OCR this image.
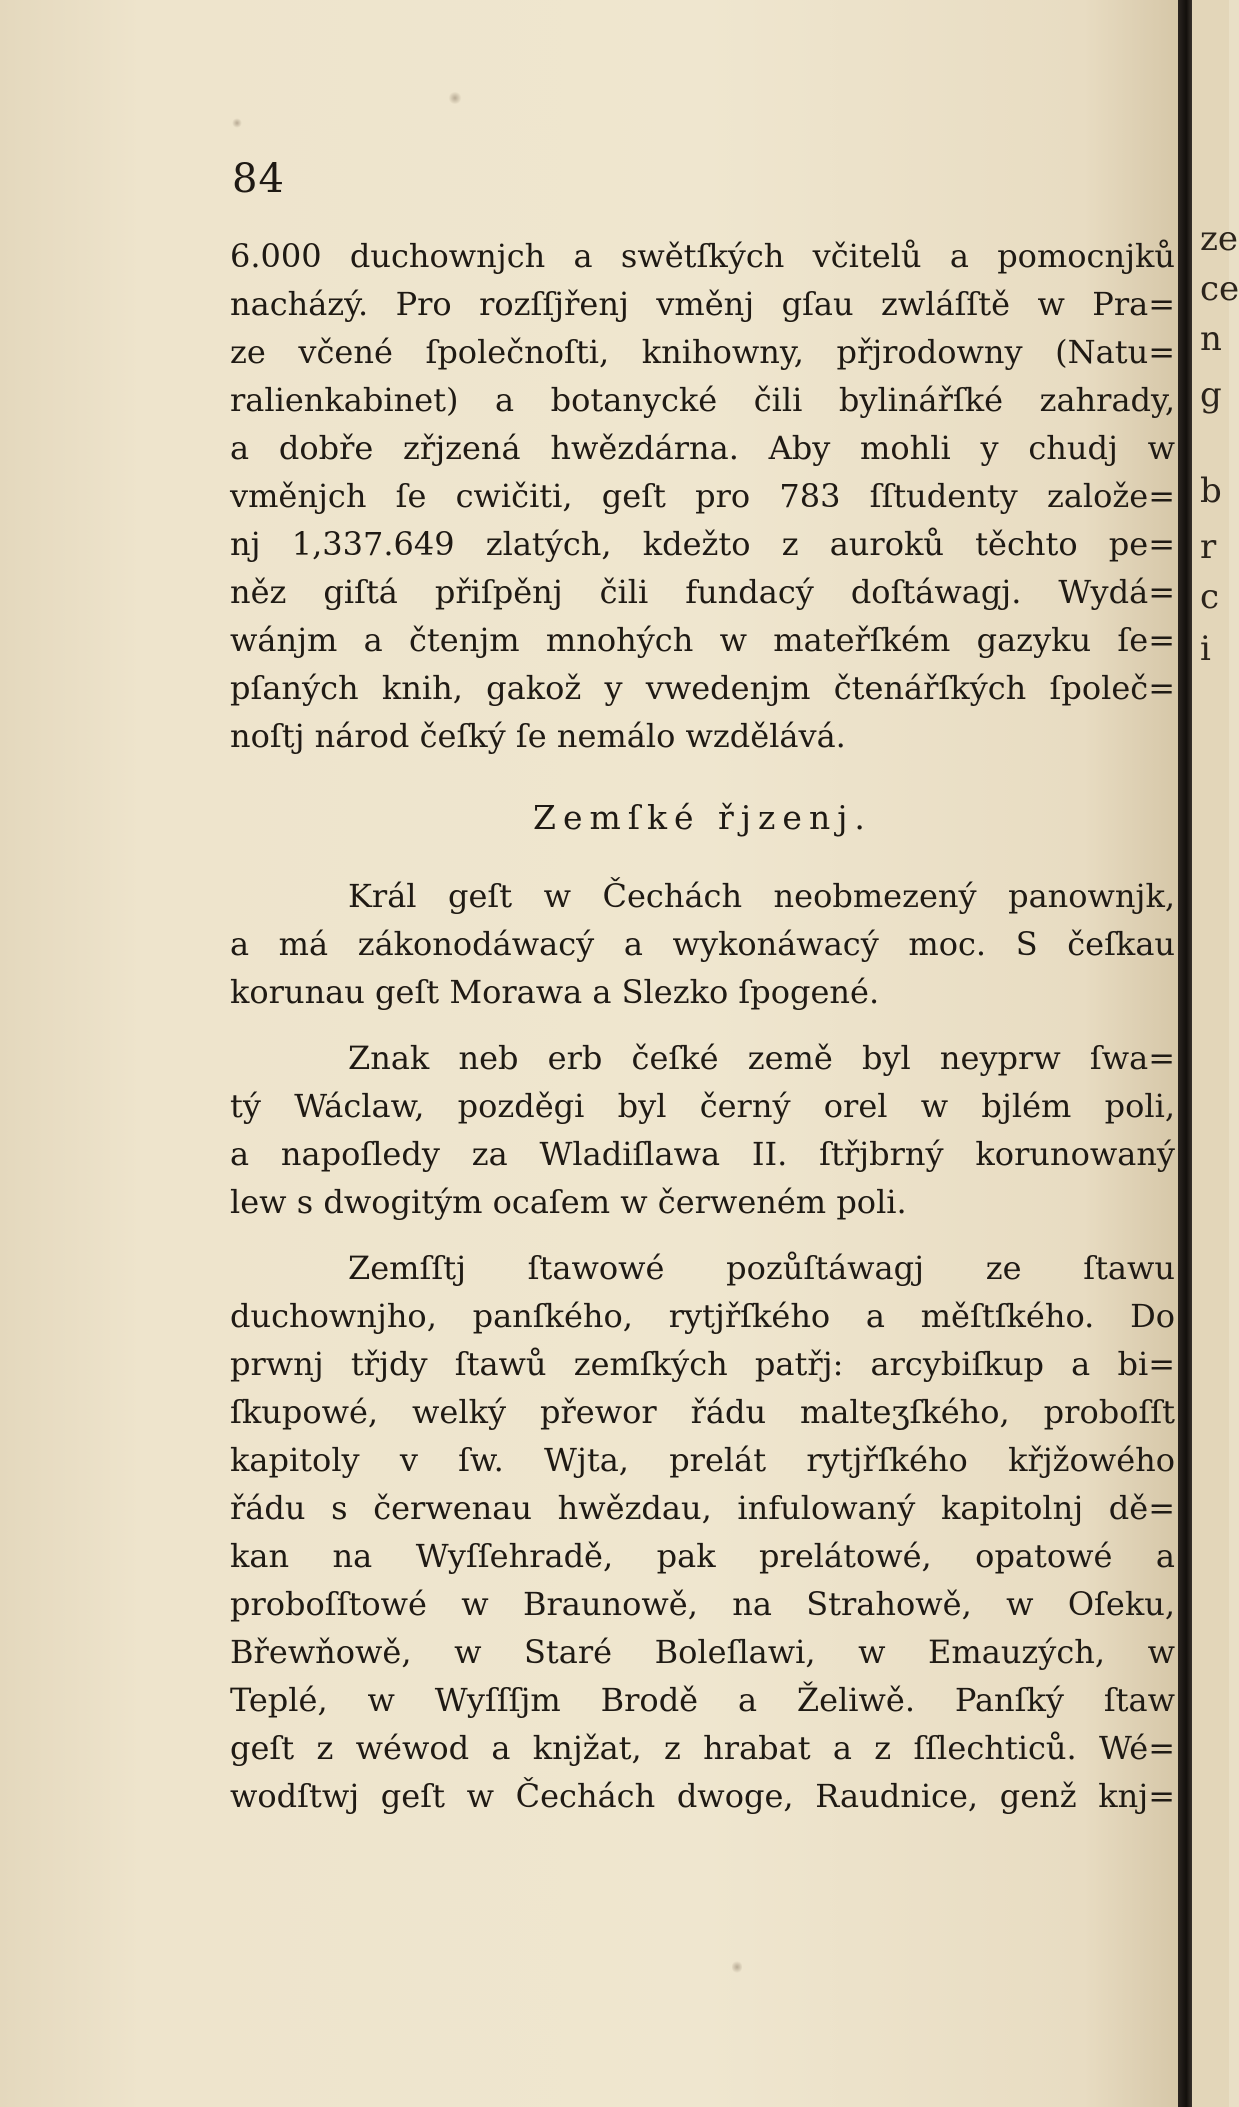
84
6.000 duchownjch a swětſkých včitelů a pomocnjků
nacházý. Pro rozſſjřenj vměnj gſau zwláſſtě w Pra=
ze včené ſpolečnoſti, knihowny, přjrodowny (Natu=
ralienkabinet) a botanycké čili bylinářſké zahrady,
a dobře zřjzená hwězdárna. Aby mohli y chudj w
vměnjch ſe cwičiti, geſt pro 783 ſſtudenty založe=
nj 1,337.649 zlatých, kdežto z auroků těchto pe=
něz giſtá přiſpěnj čili fundacý doſtáwagj. Wydá=
wánjm a čtenjm mnohých w mateřſkém gazyku ſe=
pſaných knih, gakož y vwedenjm čtenářſkých ſpoleč=
noſtj národ čeſký ſe nemálo wzdělává.
Zemſké řjzenj.
Král geſt w Čechách neobmezený panownjk,
a má zákonodáwacý a wykonáwacý moc. S čeſkau
korunau geſt Morawa a Slezko ſpogené.
Znak neb erb čeſké země byl neyprw ſwa=
tý Wáclaw, pozděgi byl černý orel w bjlém poli,
a napoſledy za Wladiſlawa II. ſtřjbrný korunowaný
lew s dwogitým ocaſem w čerweném poli.
Zemſſtj ſtawowé pozůſtáwagj ze ſtawu
duchownjho, panſkého, rytjřſkého a měſtſkého. Do
prwnj třjdy ſtawů zemſkých patřj: arcybiſkup a bi=
ſkupowé, welký přewor řádu malteʒſkého, proboſſt
kapitoly v ſw. Wjta, prelát rytjřſkého křjžowého
řádu s čerwenau hwězdau, infulowaný kapitolnj dě=
kan na Wyſſehradě, pak prelátowé, opatowé a
proboſſtowé w Braunowě, na Strahowě, w Oſeku,
Břewňowě, w Staré Boleſlawi, w Emauzých, w
Teplé, w Wyſſſjm Brodě a Želiwě. Panſký ſtaw
geſt z wéwod a knjžat, z hrabat a z ſſlechticů. Wé=
wodſtwj geſt w Čechách dwoge, Raudnice, genž knj=
ze
ce
n
g
b
r
c
i
